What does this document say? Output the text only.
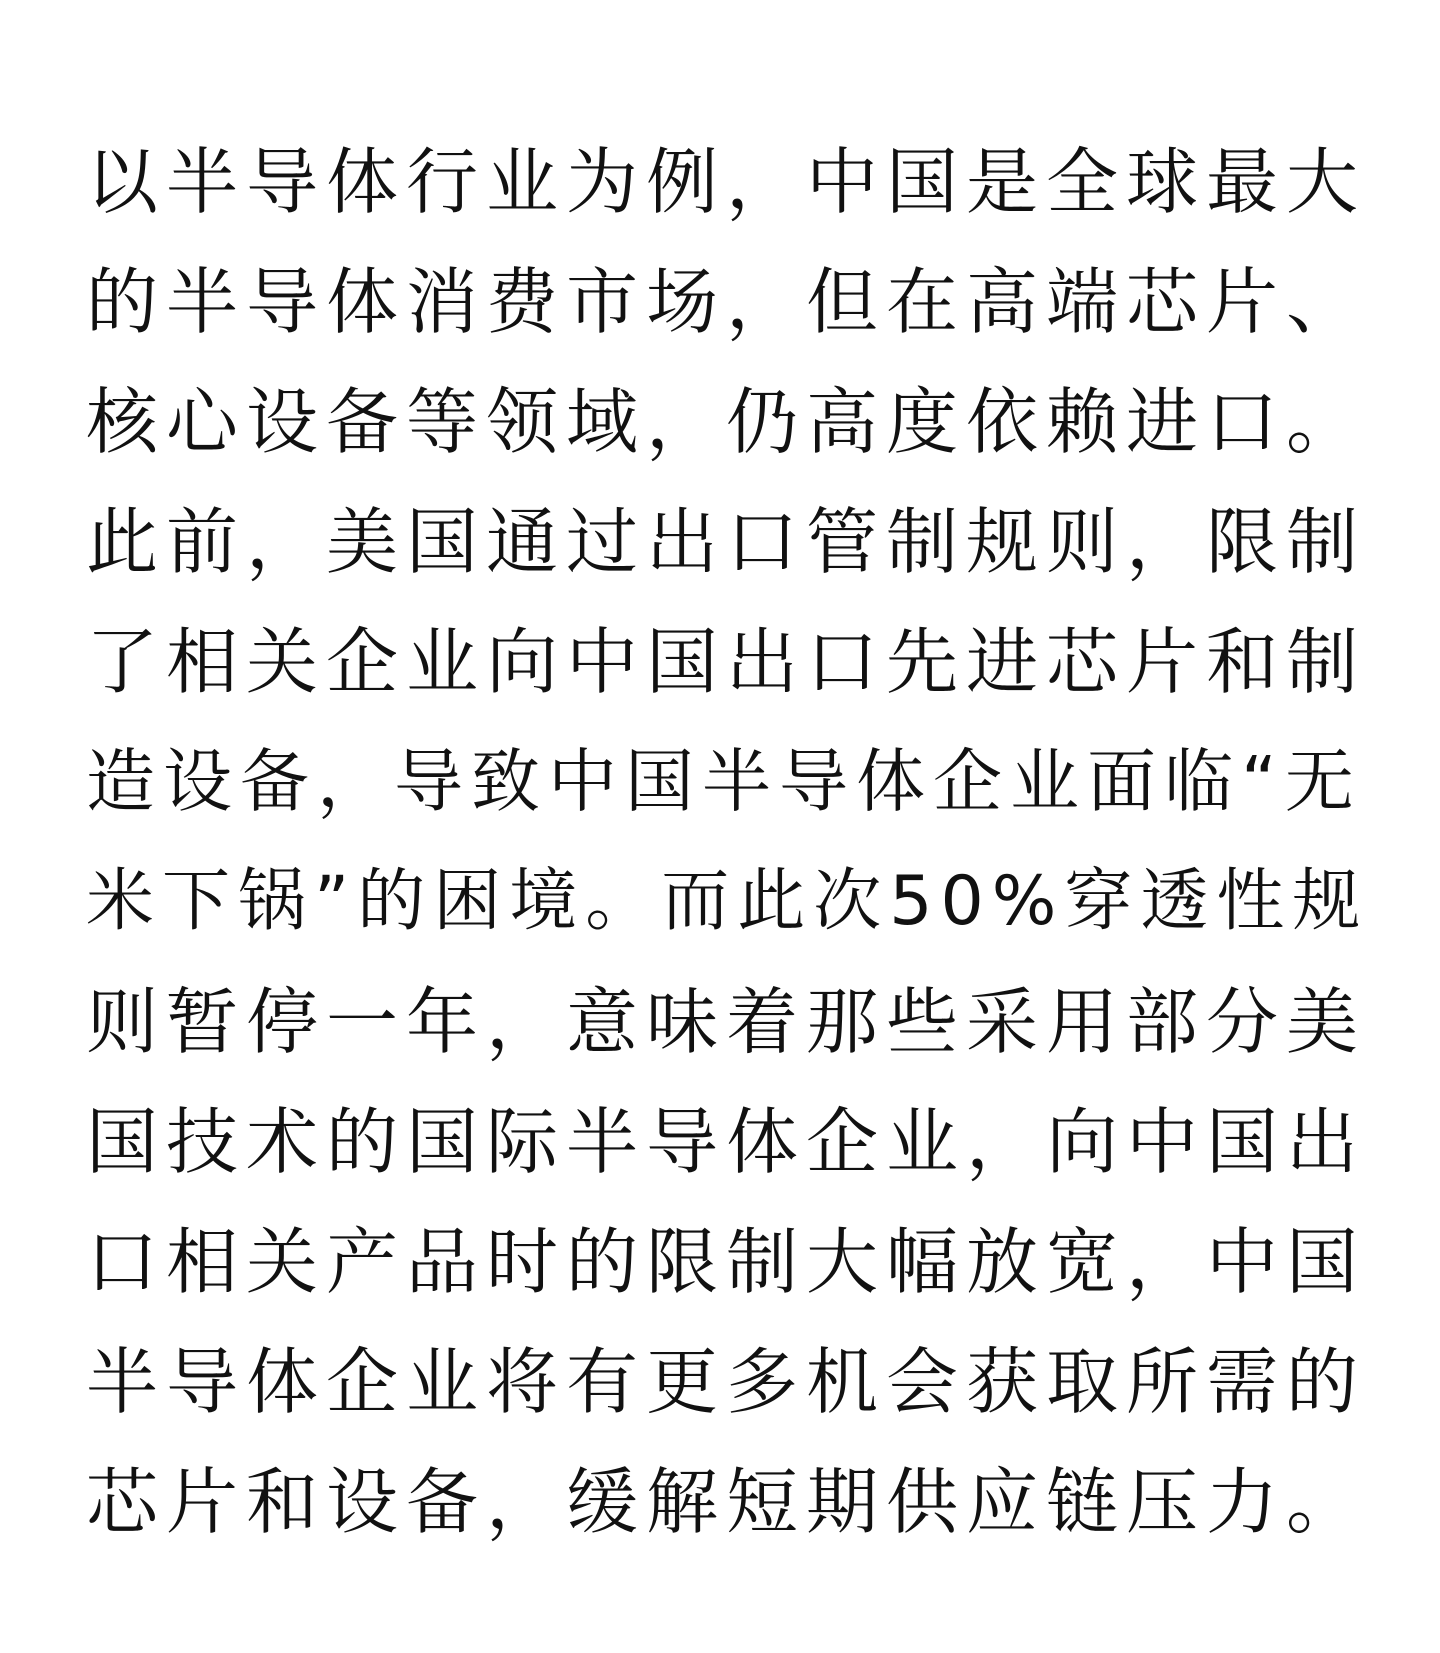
以半导体行业为例，中国是全球最大
的半导体消费市场，但在高端芯片、
核心设备等领域，仍高度依赖进口。
此前，美国通过出口管制规则，限制
了相关企业向中国出口先进芯片和制
造设备，导致中国半导体企业面临“无
米下锅”的困境。而此次50%穿透性规
则暂停一年，意味着那些采用部分美
国技术的国际半导体企业，向中国出
口相关产品时的限制大幅放宽，中国
半导体企业将有更多机会获取所需的
芯片和设备，缓解短期供应链压力。
